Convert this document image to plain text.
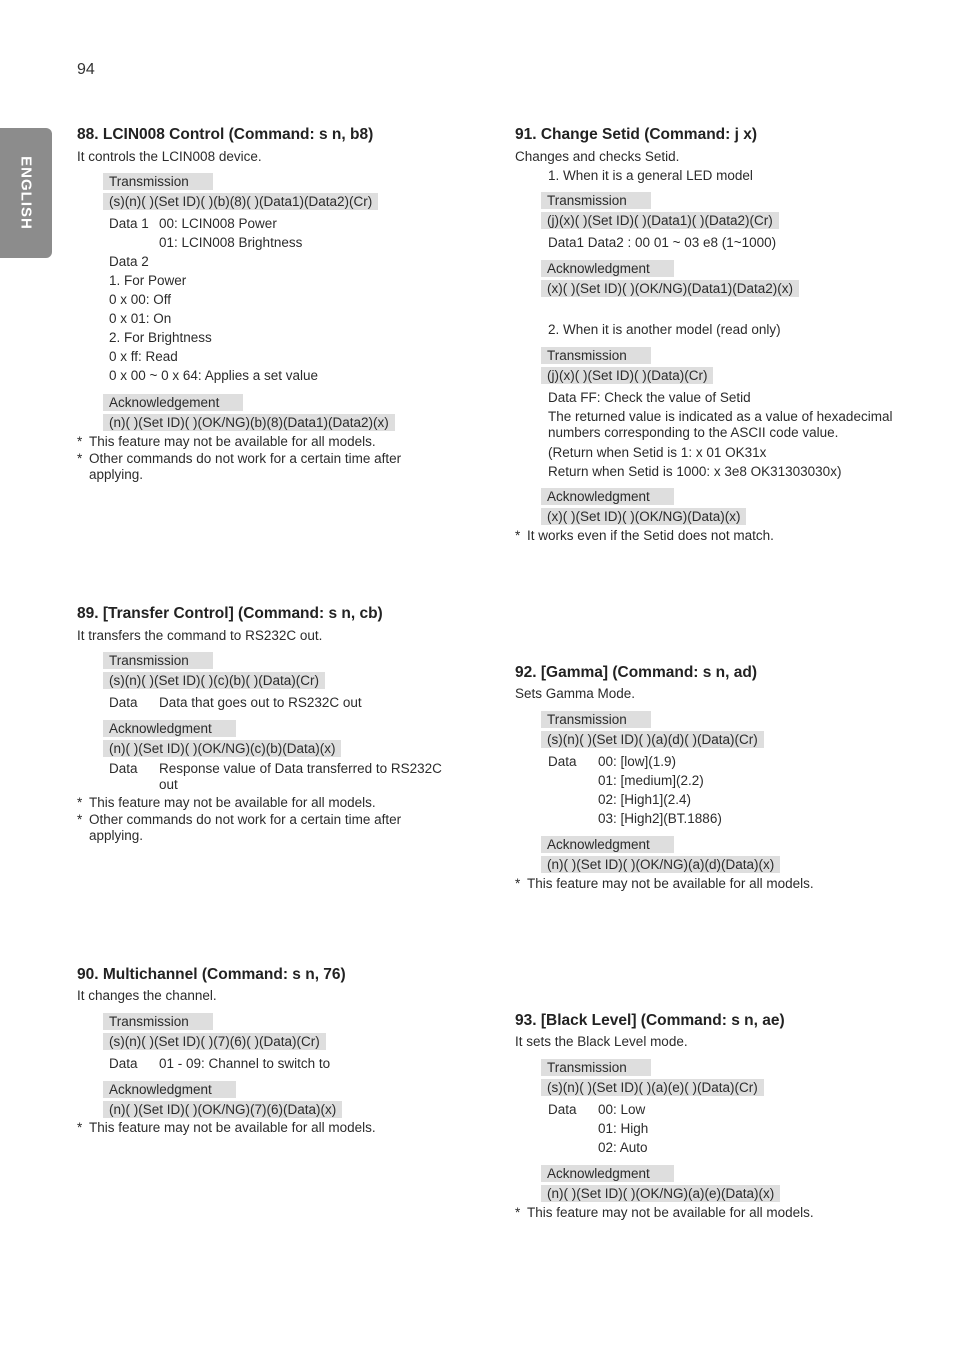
94
ENGLISH
88. LCIN008 Control (Command: s n, b8)

It controls the LCIN008 device.

Transmission
(s)(n)( )(Set ID)( )(b)(8)( )(Data1)(Data2)(Cr)
Data 1 00: LCIN008 Power
01: LCIN008 Brightness
Data 2
1. For Power
0 x 00: Off
0 x 01: On
2. For Brightness
0 x ff: Read
0 x 00 ~ 0 x 64: Applies a set value
Acknowledgement
(n)( )(Set ID)( )(OK/NG)(b)(8)(Data1)(Data2)(x)
* This feature may not be available for all models.
* Other commands do not work for a certain time after applying.
89. [Transfer Control] (Command: s n, cb)

It transfers the command to RS232C out.

Transmission
(s)(n)( )(Set ID)( )(c)(b)( )(Data)(Cr)
Data	Data that goes out to RS232C out
Acknowledgment
(n)( )(Set ID)( )(OK/NG)(c)(b)(Data)(x)
Data	Response value of Data transferred to RS232C out
* This feature may not be available for all models.
* Other commands do not work for a certain time after applying.
90. Multichannel (Command: s n, 76)

It changes the channel.

Transmission
(s)(n)( )(Set ID)( )(7)(6)( )(Data)(Cr)
Data	01 - 09: Channel to switch to
Acknowledgment
(n)( )(Set ID)( )(OK/NG)(7)(6)(Data)(x)
* This feature may not be available for all models.
91. Change Setid (Command: j x)

Changes and checks Setid.

1. When it is a general LED model

Transmission
(j)(x)( )(Set ID)( )(Data1)( )(Data2)(Cr)

Data1 Data2 : 00 01 ~ 03 e8 (1~1000)

Acknowledgment
(x)( )(Set ID)( )(OK/NG)(Data1)(Data2)(x)

2. When it is another model (read only)

Transmission
(j)(x)( )(Set ID)( )(Data)(Cr)
Data FF: Check the value of Setid
The returned value is indicated as a value of hexadecimal
numbers corresponding to the ASCII code value.
(Return when Setid is 1: x 01 OK31x
Return when Setid is 1000: x 3e8 OK31303030x)
Acknowledgment
(x)( )(Set ID)( )(OK/NG)(Data)(x)
* It works even if the Setid does not match.
92. [Gamma] (Command: s n, ad)

Sets Gamma Mode.

Transmission
(s)(n)( )(Set ID)( )(a)(d)( )(Data)(Cr)
Data	00: [low](1.9)
01: [medium](2.2)
02: [High1](2.4)
03: [High2](BT.1886)
Acknowledgment
(n)( )(Set ID)( )(OK/NG)(a)(d)(Data)(x)
* This feature may not be available for all models.
93. [Black Level] (Command: s n, ae)

It sets the Black Level mode.

Transmission
(s)(n)( )(Set ID)( )(a)(e)( )(Data)(Cr)
Data	00: Low
01: High
02: Auto
Acknowledgment
(n)( )(Set ID)( )(OK/NG)(a)(e)(Data)(x)
* This feature may not be available for all models.
